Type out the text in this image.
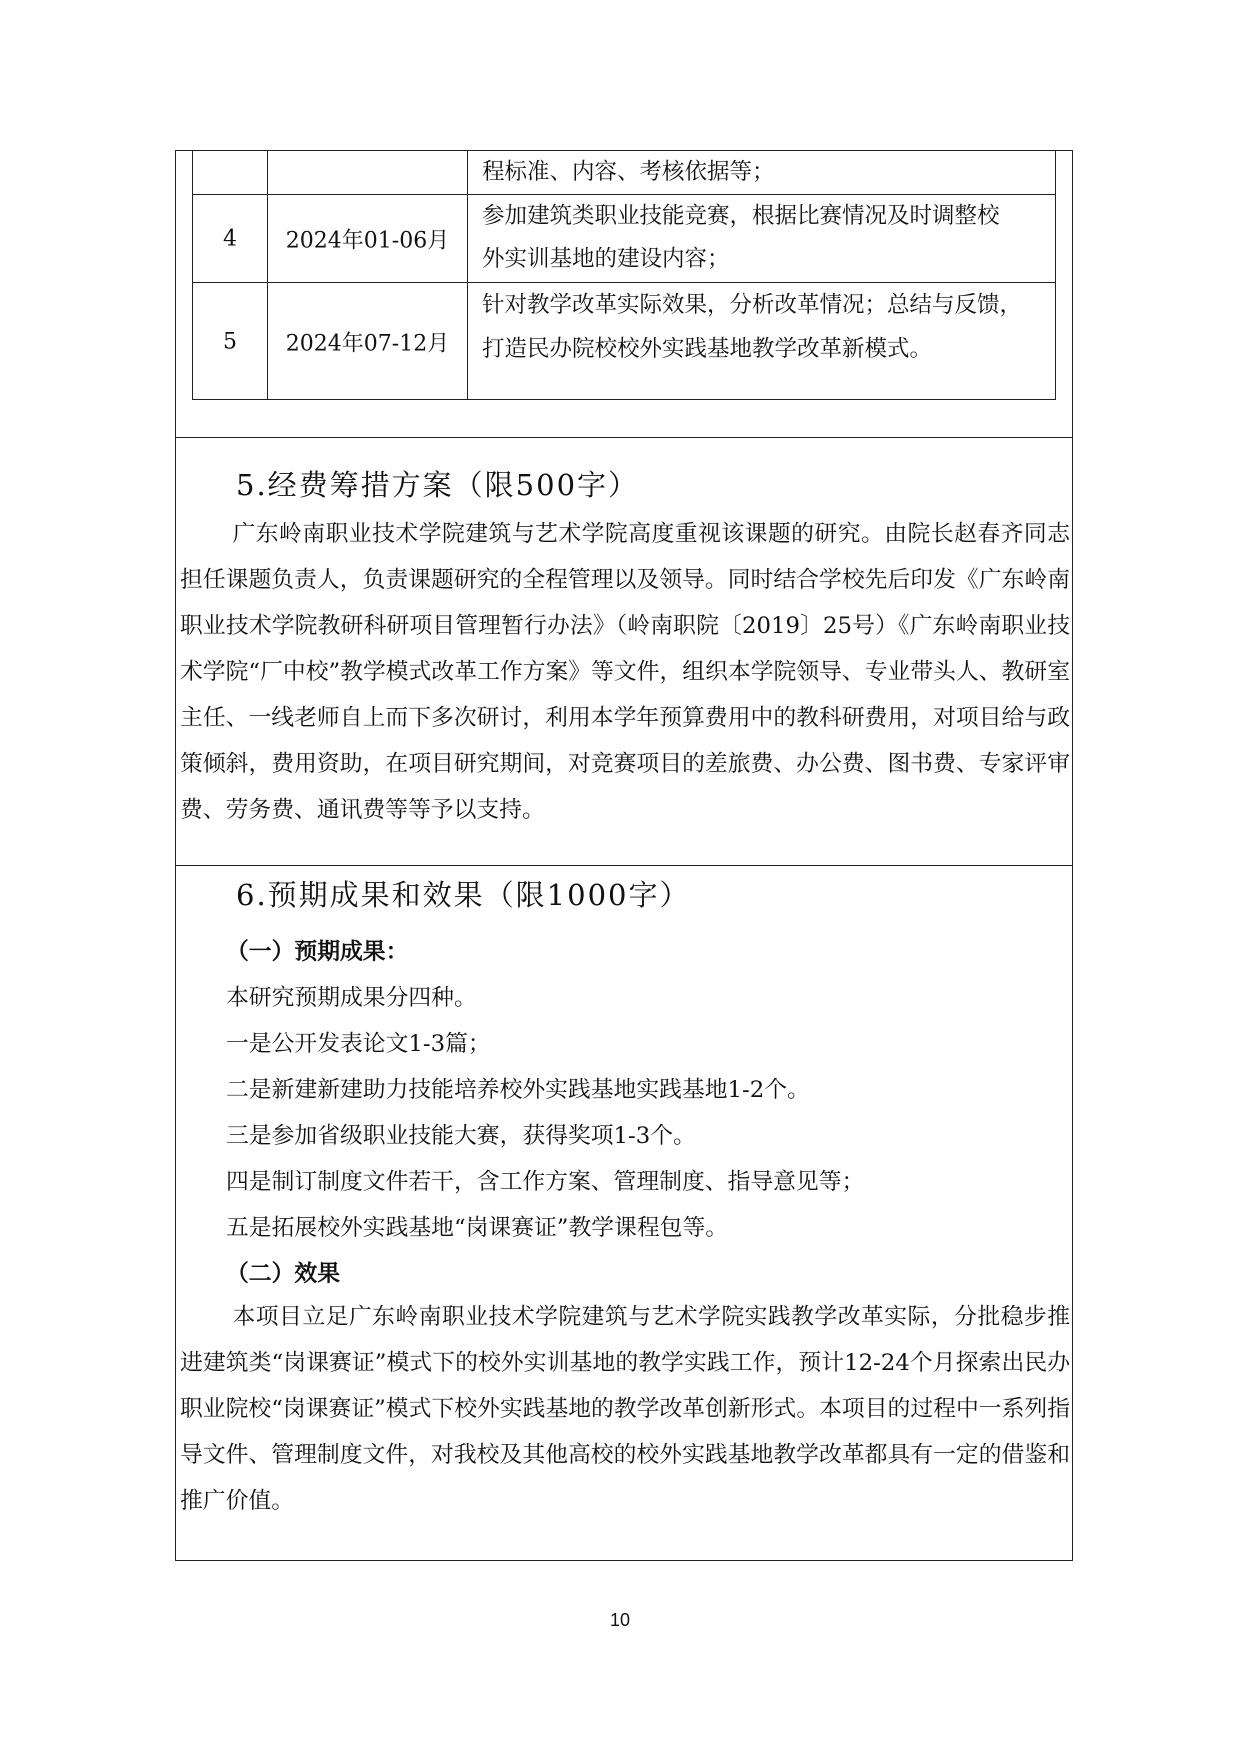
程标准、内容、考核依据等；
4	2024年01-06月
参加建筑类职业技能竞赛，根据比赛情况及时调整校
外实训基地的建设内容；
5	2024年07-12月
针对教学改革实际效果，分析改革情况；总结与反馈，
打造民办院校校外实践基地教学改革新模式。
5.经费筹措方案（限500字）
广东岭南职业技术学院建筑与艺术学院高度重视该课题的研究。由院长赵春齐同志担任课题负责人，负责课题研究的全程管理以及领导。同时结合学校先后印发《广东岭南职业技术学院教研科研项目管理暂行办法》（岭南职院〔2019〕25号）《广东岭南职业技术学院“厂中校”教学模式改革工作方案》等文件，组织本学院领导、专业带头人、教研室主任、一线老师自上而下多次研讨，利用本学年预算费用中的教科研费用，对项目给与政策倾斜，费用资助，在项目研究期间，对竞赛项目的差旅费、办公费、图书费、专家评审费、劳务费、通讯费等等予以支持。
6.预期成果和效果（限1000字）
（一）预期成果：
本研究预期成果分四种。
一是公开发表论文1-3篇；
二是新建新建助力技能培养校外实践基地实践基地1-2个。
三是参加省级职业技能大赛，获得奖项1-3个。
四是制订制度文件若干，含工作方案、管理制度、指导意见等；
五是拓展校外实践基地“岗课赛证”教学课程包等。
（二）效果
本项目立足广东岭南职业技术学院建筑与艺术学院实践教学改革实际，分批稳步推进建筑类“岗课赛证”模式下的校外实训基地的教学实践工作，预计12-24个月探索出民办职业院校“岗课赛证”模式下校外实践基地的教学改革创新形式。本项目的过程中一系列指导文件、管理制度文件，对我校及其他高校的校外实践基地教学改革都具有一定的借鉴和推广价值。
10
